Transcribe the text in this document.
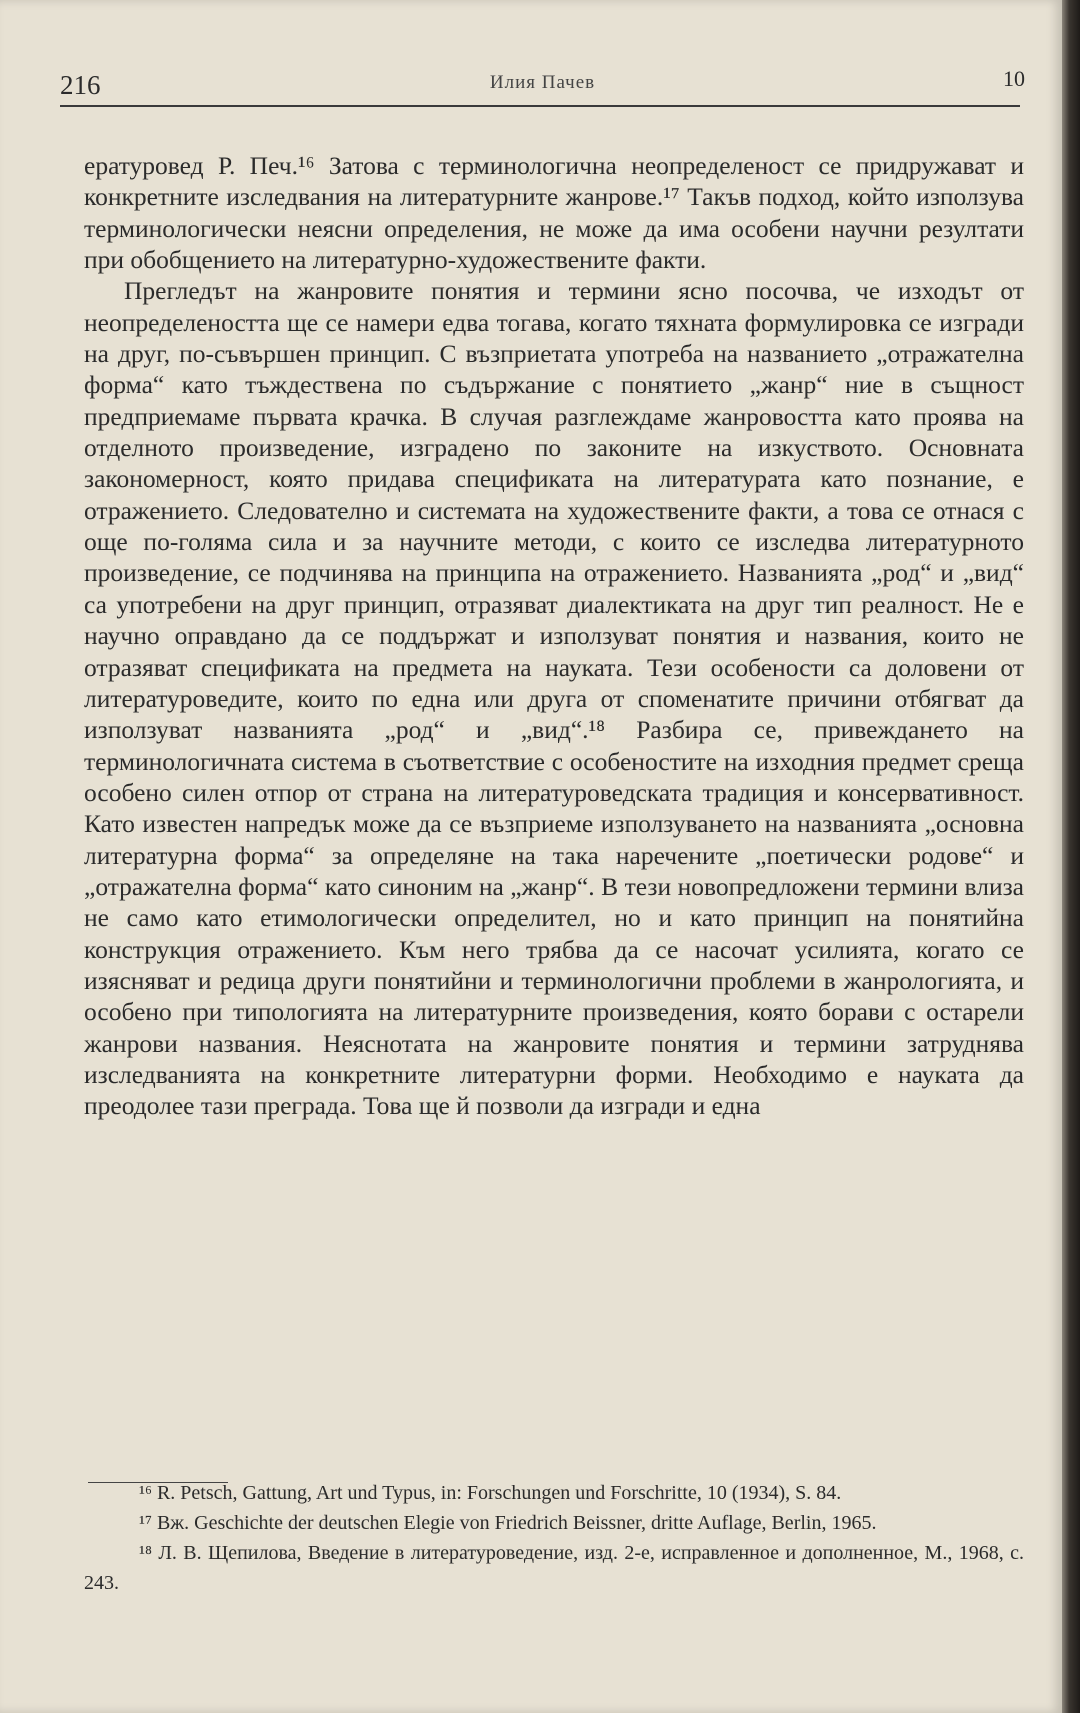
216	Илия Пачев	10

ературовед Р. Печ.¹⁶ Затова с терминологична неопределеност се придружават и конкретните изследвания на литературните жанрове.¹⁷ Такъв подход, който използува терминологически неясни определения, не може да има особени научни резултати при обобщението на литературно-художествените факти.

Прегледът на жанровите понятия и термини ясно посочва, че изходът от неопределеността ще се намери едва тогава, когато тяхната формулировка се изгради на друг, по-съвършен принцип. С възприетата употреба на названието „отражателна форма“ като тъждествена по съдържание с понятието „жанр“ ние в същност предприемаме първата крачка. В случая разглеждаме жанровостта като проява на отделното произведение, изградено по законите на изкуството. Основната закономерност, която придава спецификата на литературата като познание, е отражението. Следователно и системата на художествените факти, а това се отнася с още по-голяма сила и за научните методи, с които се изследва литературното произведение, се подчинява на принципа на отражението. Названията „род“ и „вид“ са употребени на друг принцип, отразяват диалектиката на друг тип реалност. Не е научно оправдано да се поддържат и използуват понятия и названия, които не отразяват спецификата на предмета на науката. Тези особености са доловени от литературоведите, които по една или друга от споменатите причини отбягват да използуват названията „род“ и „вид“.¹⁸ Разбира се, привеждането на терминологичната система в съответствие с особеностите на изходния предмет среща особено силен отпор от страна на литературоведската традиция и консервативност. Като известен напредък може да се възприеме използуването на названията „основна литературна форма“ за определяне на така наречените „поетически родове“ и „отражателна форма“ като синоним на „жанр“. В тези новопредложени термини влиза не само като етимологически определител, но и като принцип на понятийна конструкция отражението. Към него трябва да се насочат усилията, когато се изясняват и редица други понятийни и терминологични проблеми в жанрологията, и особено при типологията на литературните произведения, която борави с остарели жанрови названия. Неяснотата на жанровите понятия и термини затруднява изследванията на конкретните литературни форми. Необходимо е науката да преодолее тази преграда. Това ще й позволи да изгради и една

¹⁶ R. Petsch, Gattung, Art und Typus, in: Forschungen und Forschritte, 10 (1934), S. 84.

¹⁷ Вж. Geschichte der deutschen Elegie von Friedrich Beissner, dritte Auflage, Berlin, 1965.

¹⁸ Л. В. Щепилова, Введение в литературоведение, изд. 2-е, исправленное и дополненное, М., 1968, с. 243.
